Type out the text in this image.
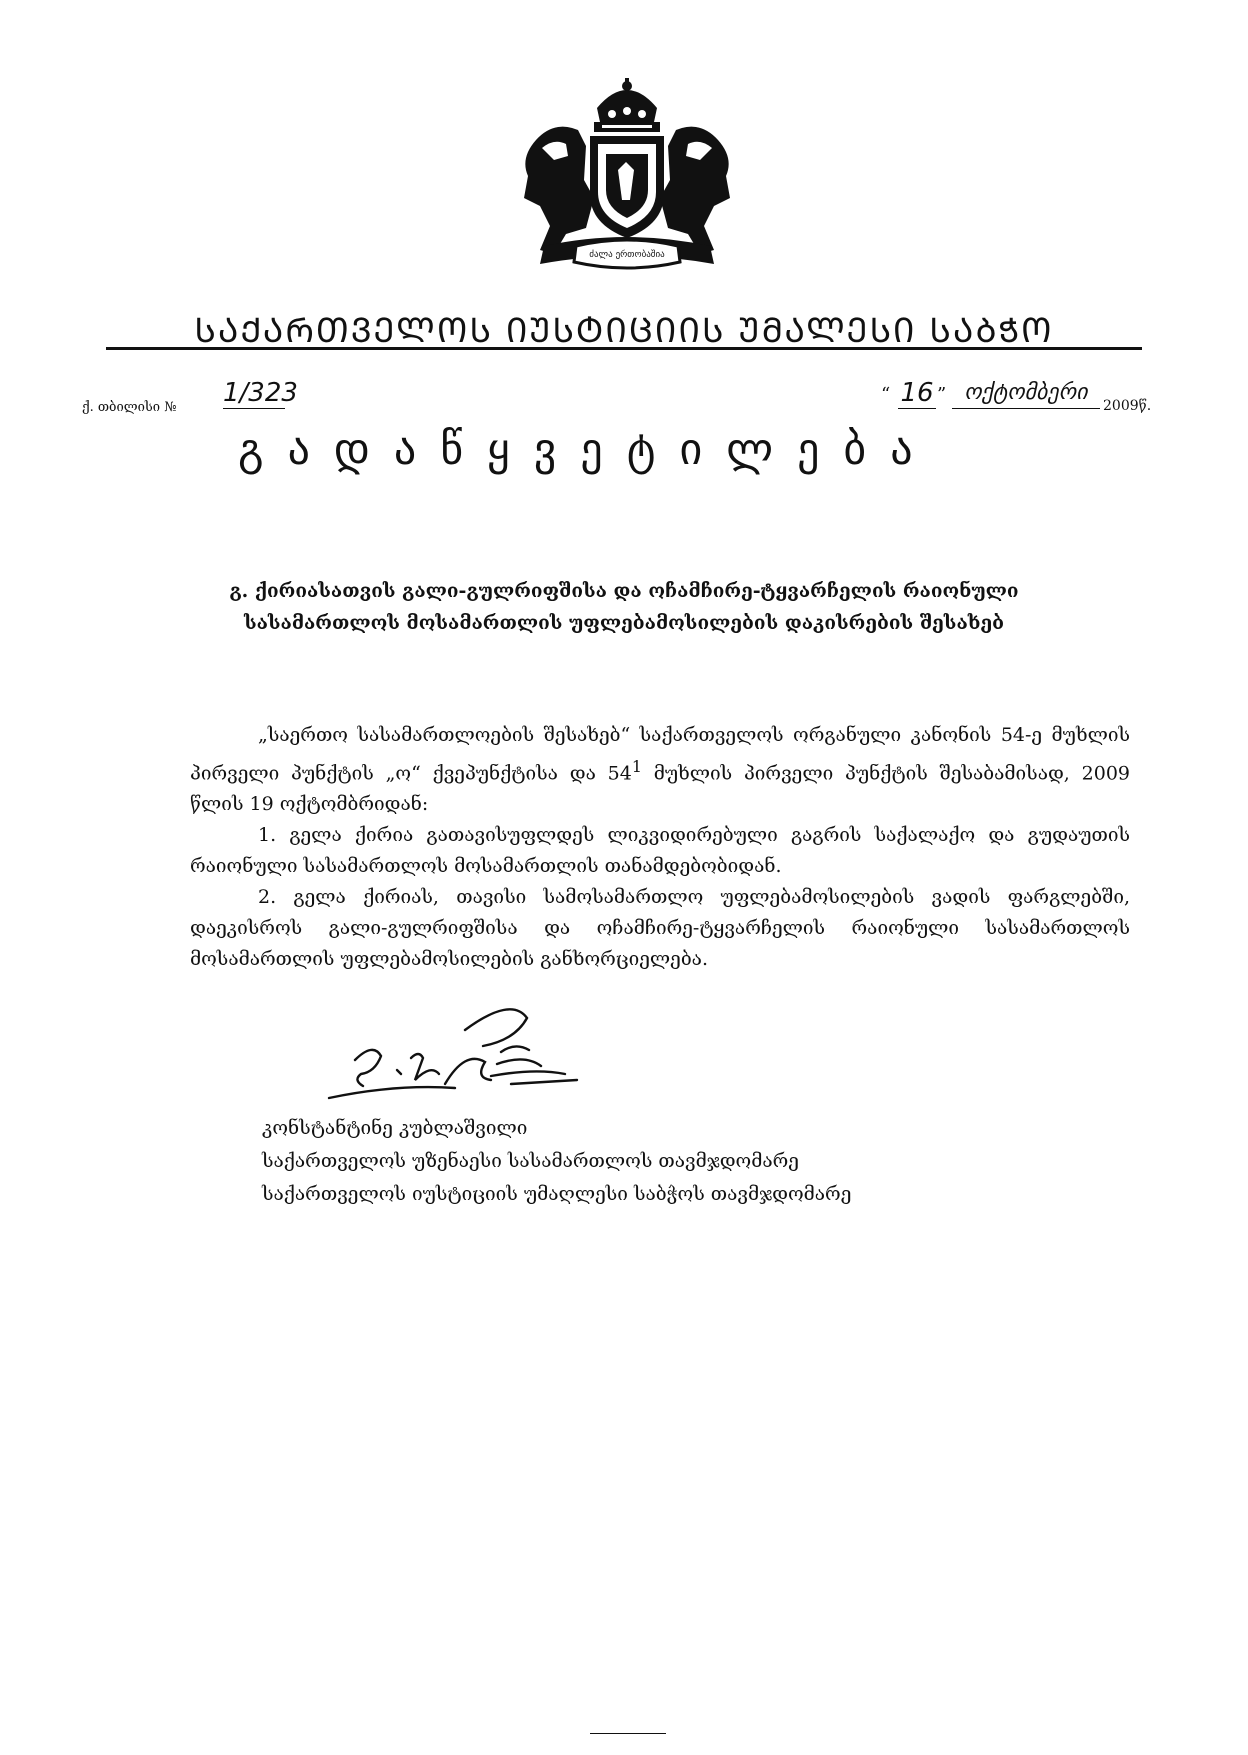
ძალა ერთობაშია
ᲡᲐᲥᲐᲠᲗᲕᲔᲚᲝᲡ ᲘᲣᲡᲢᲘᲪᲘᲘᲡ ᲣᲛᲐᲚᲔᲡᲘ ᲡᲐᲑᲭᲝ
ქ. თბილისი № 1/323	“ 16 ” ოქტომბერი
2009წ.
გადაწყვეტილება
გ. ქირიასათვის გალი-გულრიფშისა და ოჩამჩირე-ტყვარჩელის რაიონული
სასამართლოს მოსამართლის უფლებამოსილების დაკისრების შესახებ

„საერთო სასამართლოების შესახებ“ საქართველოს ორგანული კანონის 54-ე მუხლის პირველი პუნქტის „ო“ ქვეპუნქტისა და $54^1$ მუხლის პირველი პუნქტის შესაბამისად, 2009 წლის 19 ოქტომბრიდან:

1. გელა ქირია გათავისუფლდეს ლიკვიდირებული გაგრის საქალაქო და გუდაუთის რაიონული სასამართლოს მოსამართლის თანამდებობიდან.

2. გელა ქირიას, თავისი სამოსამართლო უფლებამოსილების ვადის ფარგლებში, დაეკისროს გალი-გულრიფშისა და ოჩამჩირე-ტყვარჩელის რაიონული სასამართლოს მოსამართლის უფლებამოსილების განხორციელება.

კონსტანტინე კუბლაშვილი
საქართველოს უზენაესი სასამართლოს თავმჯდომარე
საქართველოს იუსტიციის უმაღლესი საბჭოს თავმჯდომარე
